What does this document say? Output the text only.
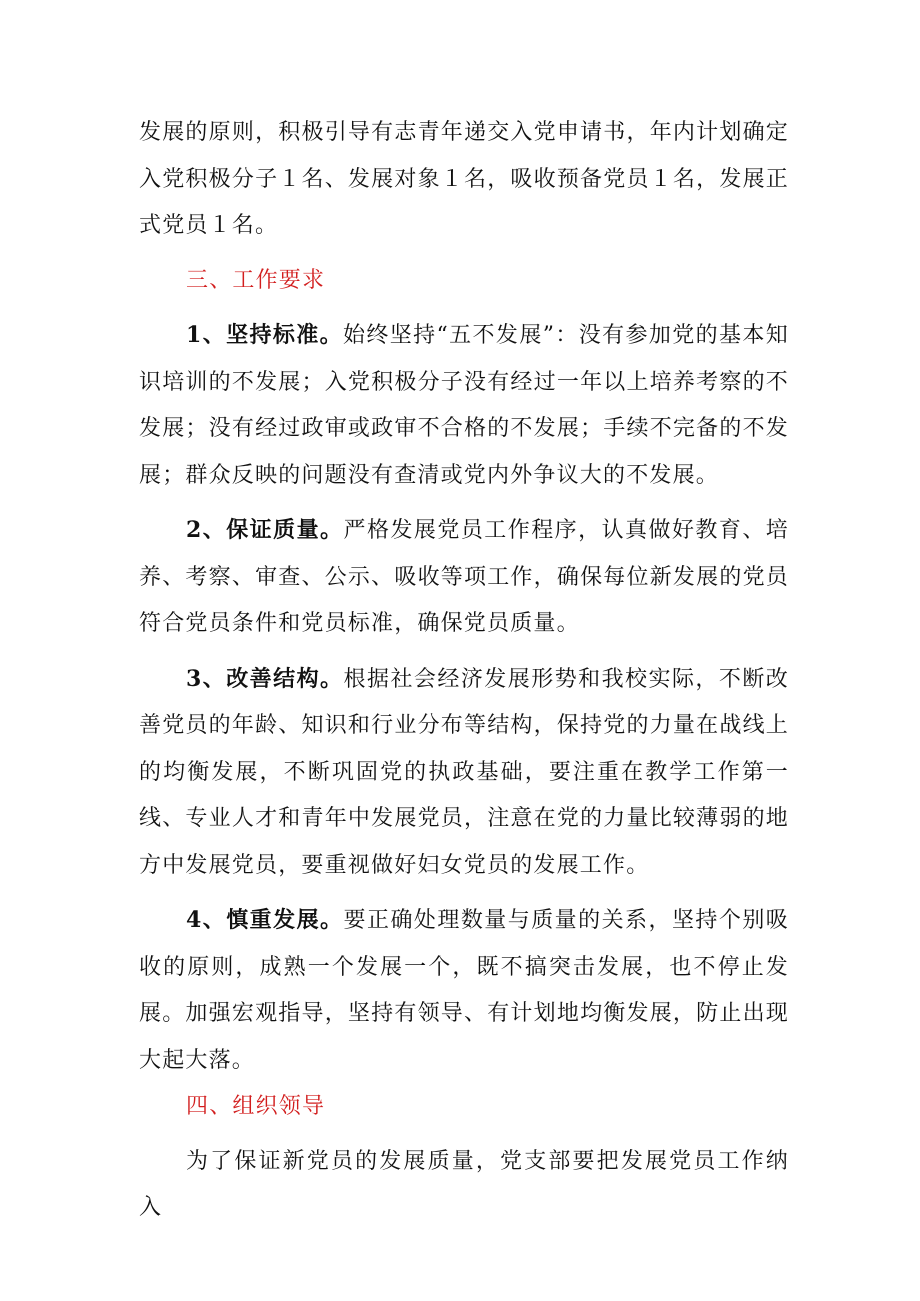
发展的原则，积极引导有志青年递交入党申请书，年内计划确定入党积极分子１名、发展对象１名，吸收预备党员１名，发展正式党员１名。

三、工作要求

1、坚持标准。始终坚持“五不发展”：没有参加党的基本知识培训的不发展；入党积极分子没有经过一年以上培养考察的不发展；没有经过政审或政审不合格的不发展；手续不完备的不发展；群众反映的问题没有查清或党内外争议大的不发展。

2、保证质量。严格发展党员工作程序，认真做好教育、培养、考察、审查、公示、吸收等项工作，确保每位新发展的党员符合党员条件和党员标准，确保党员质量。

3、改善结构。根据社会经济发展形势和我校实际，不断改善党员的年龄、知识和行业分布等结构，保持党的力量在战线上的均衡发展，不断巩固党的执政基础，要注重在教学工作第一线、专业人才和青年中发展党员，注意在党的力量比较薄弱的地方中发展党员，要重视做好妇女党员的发展工作。

4、慎重发展。要正确处理数量与质量的关系，坚持个别吸收的原则，成熟一个发展一个，既不搞突击发展，也不停止发展。加强宏观指导，坚持有领导、有计划地均衡发展，防止出现大起大落。

四、组织领导

为了保证新党员的发展质量，党支部要把发展党员工作纳入
